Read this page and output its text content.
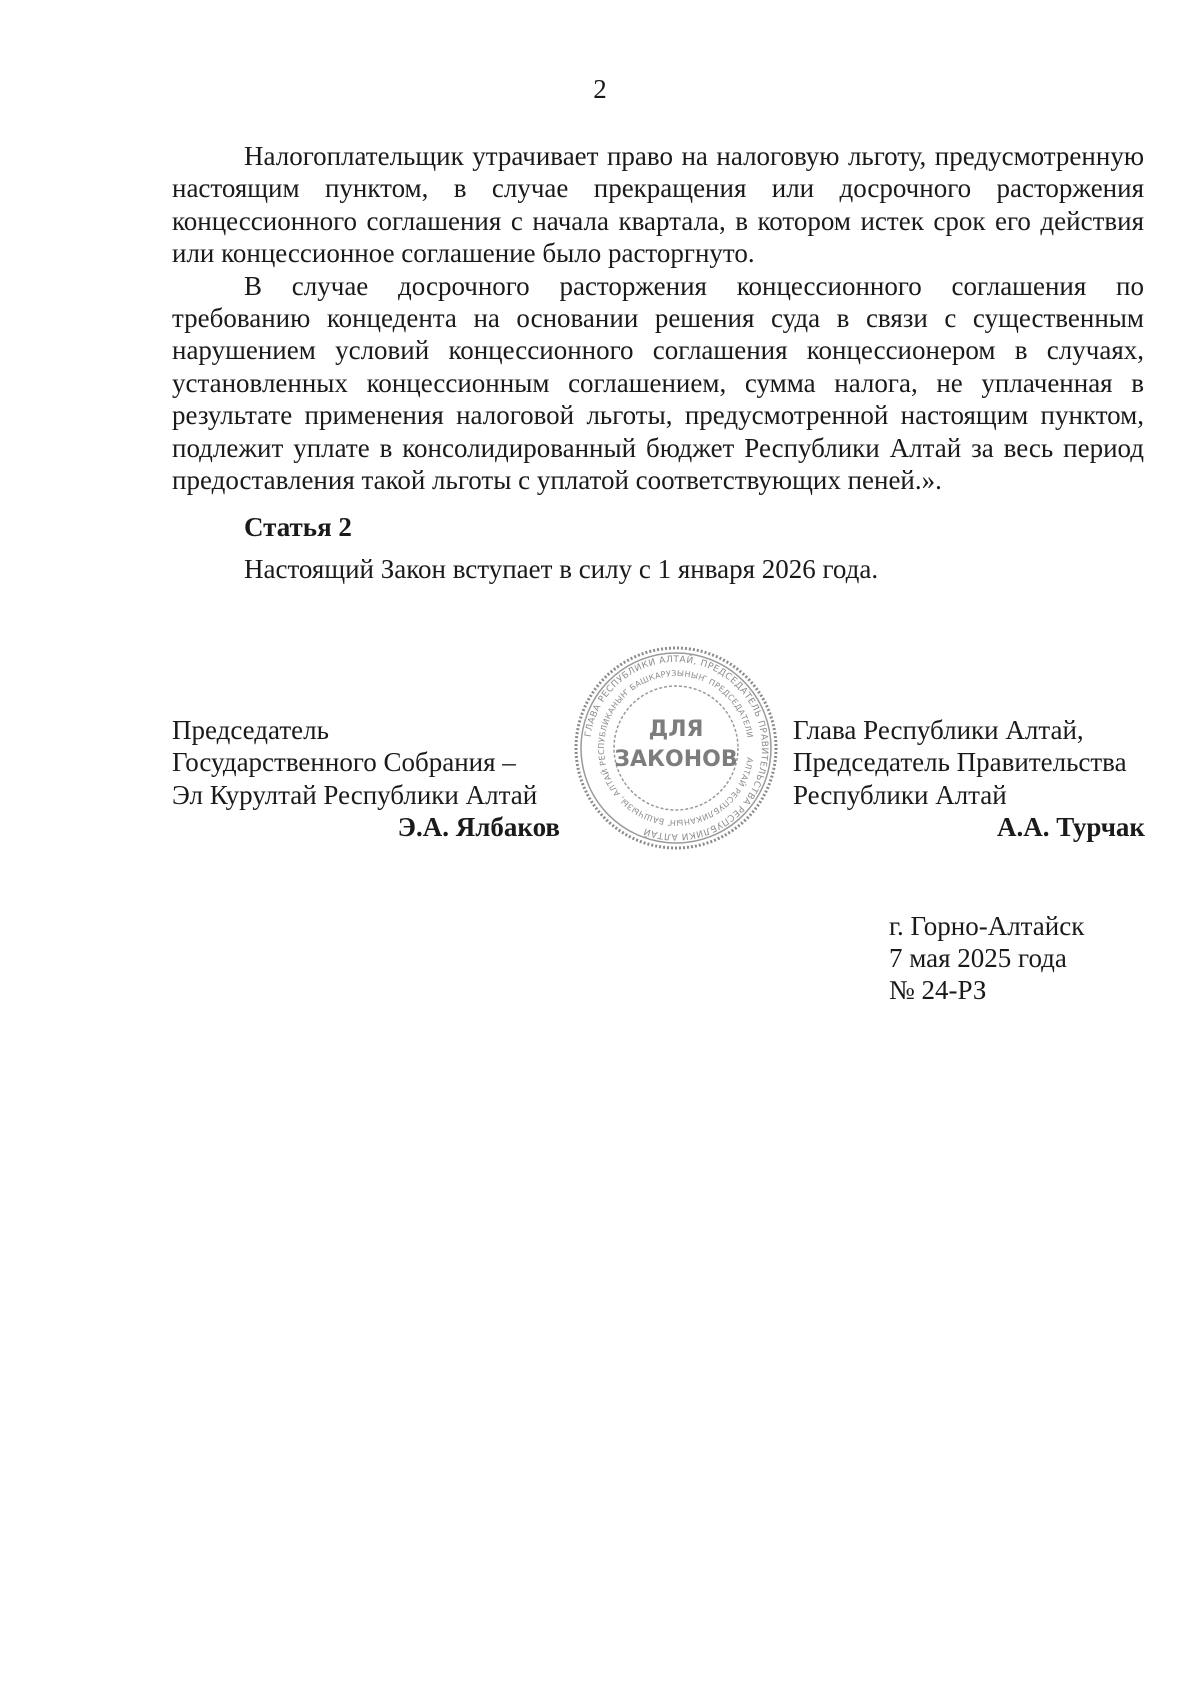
2

Налогоплательщик утрачивает право на налоговую льготу, предусмотренную настоящим пунктом, в случае прекращения или досрочного расторжения концессионного соглашения с начала квартала, в котором истек срок его действия или концессионное соглашение было расторгнуто.

В случае досрочного расторжения концессионного соглашения по требованию концедента на основании решения суда в связи с существенным нарушением условий концессионного соглашения концессионером в случаях, установленных концессионным соглашением, сумма налога, не уплаченная в результате применения налоговой льготы, предусмотренной настоящим пунктом, подлежит уплате в консолидированный бюджет Республики Алтай за весь период предоставления такой льготы с уплатой соответствующих пеней.».

Статья 2

Настоящий Закон вступает в силу с 1 января 2026 года.

Председатель
Государственного Собрания –
Эл Курултай Республики Алтай
Э.А. Ялбаков
ГЛАВА РЕСПУБЛИКИ АЛТАЙ, ПРЕДСЕДАТЕЛЬ ПРАВИТЕЛЬСТВА РЕСПУБЛИКИ АЛТАЙ
АЛТАЙ РЕСПУБЛИКАНЫҤ БАШЧЫЗЫ, АЛТАЙ РЕСПУБЛИКАНЫҤ БАШКАРУЗЫНЫҤ ПРЕДСЕДАТЕЛИ
ДЛЯ
ЗАКОНОВ
Глава Республики Алтай,
Председатель Правительства
Республики Алтай
А.А. Турчак
г. Горно-Алтайск
7 мая 2025 года
№ 24-РЗ
